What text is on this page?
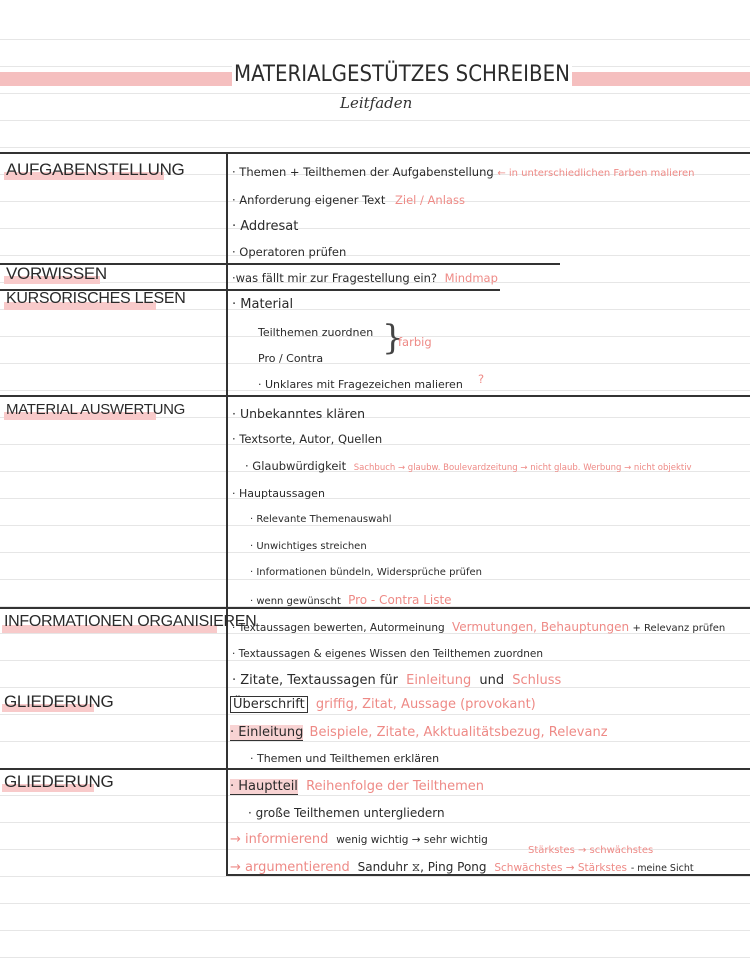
MATERIALGESTÜTZES SCHREIBEN
Leitfaden
AUFGABENSTELLUNG
VORWISSEN
KURSORISCHES LESEN
MATERIAL AUSWERTUNG
INFORMATIONEN ORGANISIEREN
GLIEDERUNG
GLIEDERUNG
· Themen + Teilthemen der Aufgabenstellung ← in unterschiedlichen Farben malieren
· Anforderung eigener Text Ziel / Anlass
· Addresat
· Operatoren prüfen
·was fällt mir zur Fragestellung ein? Mindmap
· Material
Teilthemen zuordnen
Pro / Contra
}
farbig
· Unklares mit Fragezeichen malieren ?
· Unbekanntes klären
· Textsorte, Autor, Quellen
· Glaubwürdigkeit Sachbuch → glaubw. Boulevardzeitung → nicht glaub. Werbung → nicht objektiv
· Hauptaussagen
· Relevante Themenauswahl
· Unwichtiges streichen
· Informationen bündeln, Widersprüche prüfen
· wenn gewünscht Pro - Contra Liste
· Textaussagen bewerten, Autormeinung Vermutungen, Behauptungen + Relevanz prüfen
· Textaussagen & eigenes Wissen den Teilthemen zuordnen
· Zitate, Textaussagen für Einleitung und Schluss
Überschrift griffig, Zitat, Aussage (provokant)
· Einleitung Beispiele, Zitate, Akktualitätsbezug, Relevanz
· Themen und Teilthemen erklären
· Hauptteil Reihenfolge der Teilthemen
· große Teilthemen untergliedern
→ informierend wenig wichtig → sehr wichtig
Stärkstes → schwächstes
→ argumentierend Sanduhr ⧖, Ping Pong Schwächstes → Stärkstes - meine Sicht
